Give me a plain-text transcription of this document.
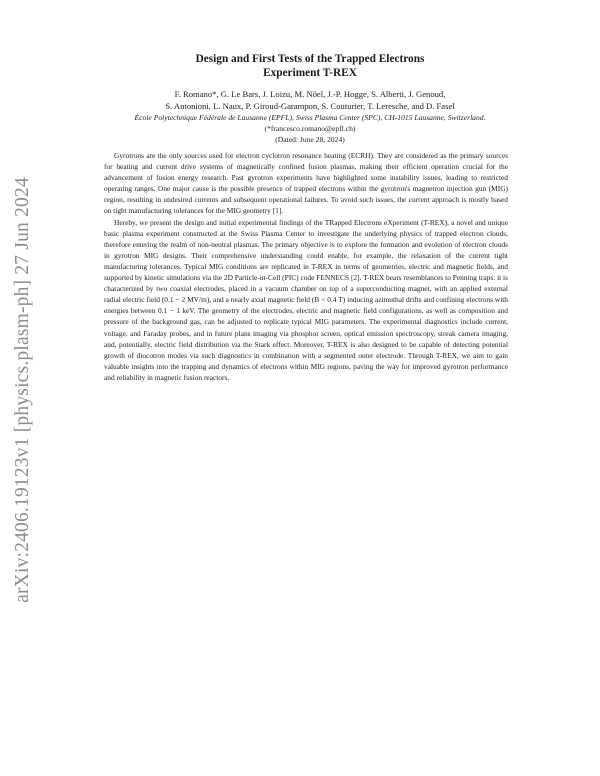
arXiv:2406.19123v1 [physics.plasm-ph] 27 Jun 2024
Design and First Tests of the Trapped Electrons
Experiment T-REX
F. Romano*, G. Le Bars, J. Loizu, M. Nöel, J.-P. Hogge, S. Alberti, J. Genoud,
S. Antonioni, L. Naux, P. Giroud-Garampon, S. Couturier, T. Leresche, and D. Fasel
École Polytechnique Fédérale de Lausanne (EPFL), Swiss Plasma Center (SPC), CH-1015 Lausanne, Switzerland.
(*francesco.romano@epfl.ch)
(Dated: June 28, 2024)

Gyrotrons are the only sources used for electron cyclotron resonance heating (ECRH). They are considered as the primary sources for heating and current drive systems of magnetically confined fusion plasmas, making their efficient operation crucial for the advancement of fusion energy research. Past gyrotron experiments have highlighted some instability issues, leading to restricted operating ranges. One major cause is the possible presence of trapped electrons within the gyrotron's magnetron injection gun (MIG) region, resulting in undesired currents and subsequent operational failures. To avoid such issues, the current approach is mostly based on tight manufacturing tolerances for the MIG geometry [1].

Hereby, we present the design and initial experimental findings of the TRapped Electrons eXperiment (T-REX), a novel and unique basic plasma experiment constructed at the Swiss Plasma Center to investigate the underlying physics of trapped electron clouds, therefore entering the realm of non-neutral plasmas. The primary objective is to explore the formation and evolution of electron clouds in gyrotron MIG designs. Their comprehensive understanding could enable, for example, the relaxation of the current tight manufacturing tolerances. Typical MIG conditions are replicated in T-REX in terms of geometries, electric and magnetic fields, and supported by kinetic simulations via the 2D Particle-in-Cell (PIC) code FENNECS [2]. T-REX bears resemblances to Penning traps: it is characterized by two coaxial electrodes, placed in a vacuum chamber on top of a superconducting magnet, with an applied external radial electric field (0.1 − 2 MV/m), and a nearly axial magnetic field (B < 0.4 T) inducing azimuthal drifts and confining electrons with energies between 0.1 − 1 keV. The geometry of the electrodes, electric and magnetic field configurations, as well as composition and pressure of the background gas, can be adjusted to replicate typical MIG parameters. The experimental diagnostics include current, voltage, and Faraday probes, and in future plans imaging via phosphor screen, optical emission spectroscopy, streak camera imaging, and, potentially, electric field distribution via the Stark effect. Moreover, T-REX is also designed to be capable of detecting potential growth of diocotron modes via such diagnostics in combination with a segmented outer electrode. Through T-REX, we aim to gain valuable insights into the trapping and dynamics of electrons within MIG regions, paving the way for improved gyrotron performance and reliability in magnetic fusion reactors.
